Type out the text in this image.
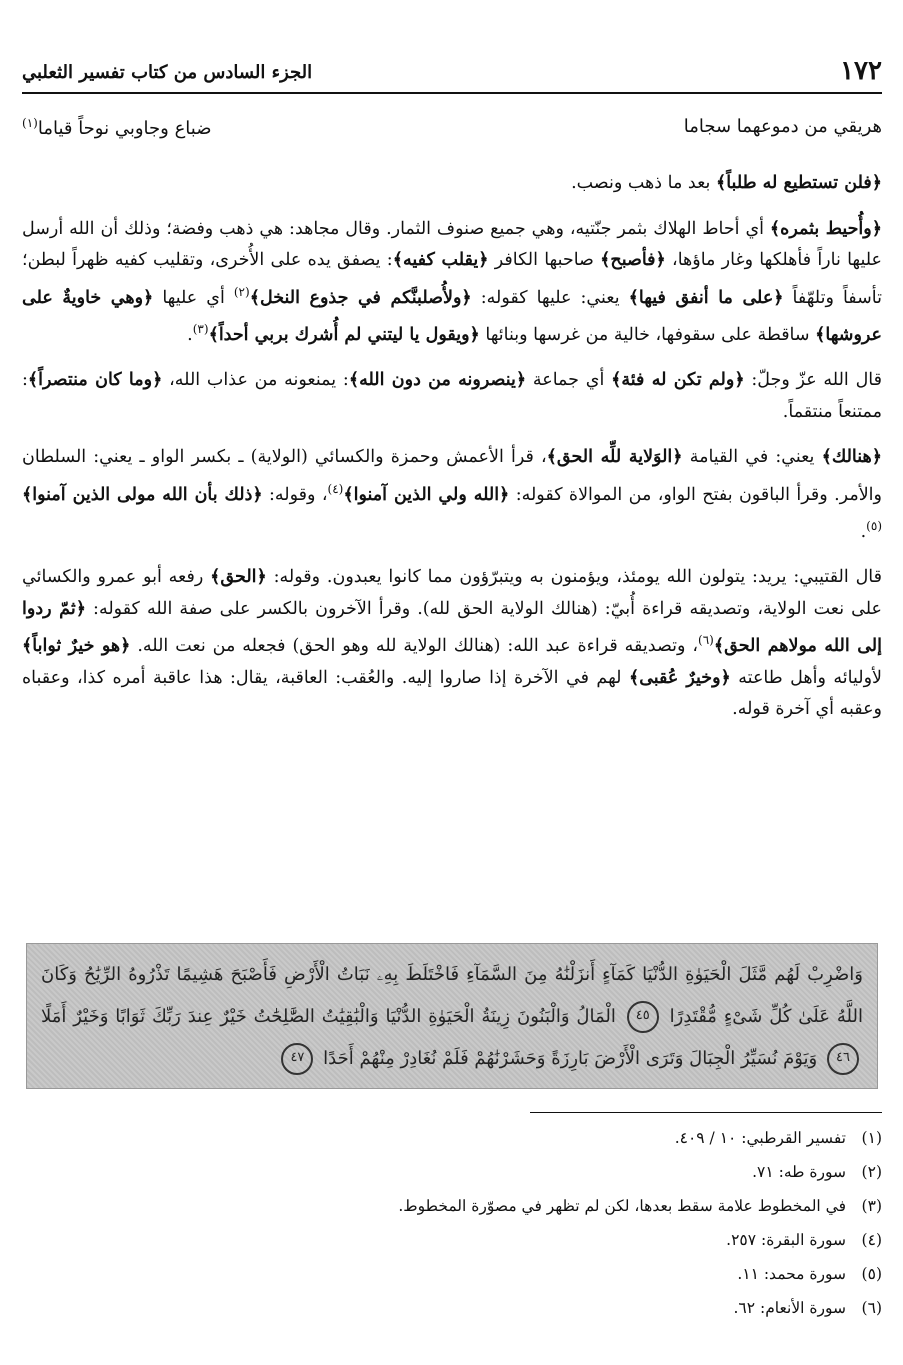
١٧٢
الجزء السادس من كتاب تفسير الثعلبي
هريقي من دموعهما سجاما
ضباع وجاوبي نوحاً قياما$^{(١)}$

﴿فلن تستطيع له طلباً﴾ بعد ما ذهب ونصب.

﴿وأُحيط بثمره﴾ أي أحاط الهلاك بثمر جنّتيه، وهي جميع صنوف الثمار. وقال مجاهد: هي ذهب وفضة؛ وذلك أن الله أرسل عليها ناراً فأهلكها وغار ماؤها، ﴿فأصبح﴾ صاحبها الكافر ﴿يقلب كفيه﴾: يصفق يده على الأُخرى، وتقليب كفيه ظهراً لبطن؛ تأسفاً وتلهّفاً ﴿على ما أنفق فيها﴾ يعني: عليها كقوله: ﴿ولأُصلبنَّكم في جذوع النخل﴾$^{(٢)}$ أي عليها ﴿وهي خاويةٌ على عروشها﴾ ساقطة على سقوفها، خالية من غرسها وبنائها ﴿ويقول يا ليتني لم أُشرك بربي أحداً﴾$^{(٣)}$.

قال الله عزّ وجلّ: ﴿ولم تكن له فئة﴾ أي جماعة ﴿ينصرونه من دون الله﴾: يمنعونه من عذاب الله، ﴿وما كان منتصراً﴾: ممتنعاً منتقماً.

﴿هنالك﴾ يعني: في القيامة ﴿الوَلاية للِّه الحق﴾، قرأ الأعمش وحمزة والكسائي (الولاية) ـ بكسر الواو ـ يعني: السلطان والأمر. وقرأ الباقون بفتح الواو، من الموالاة كقوله: ﴿الله ولي الذين آمنوا﴾$^{(٤)}$، وقوله: ﴿ذلك بأن الله مولى الذين آمنوا﴾$^{(٥)}$.

قال القتيبي: يريد: يتولون الله يومئذ، ويؤمنون به ويتبرّؤون مما كانوا يعبدون. وقوله: ﴿الحق﴾ رفعه أبو عمرو والكسائي على نعت الولاية، وتصديقه قراءة أُبيّ: (هنالك الولاية الحق لله). وقرأ الآخرون بالكسر على صفة الله كقوله: ﴿ثمّ ردوا إلى الله مولاهم الحق﴾$^{(٦)}$، وتصديقه قراءة عبد الله: (هنالك الولاية لله وهو الحق) فجعله من نعت الله. ﴿هو خيرٌ ثواباً﴾ لأوليائه وأهل طاعته ﴿وخيرٌ عُقبى﴾ لهم في الآخرة إذا صاروا إليه. والعُقب: العاقبة، يقال: هذا عاقبة أمره كذا، وعقباه وعقبه أي آخرة قوله.

وَاضْرِبْ لَهُم مَّثَلَ الْحَيَوٰةِ الدُّنْيَا كَمَآءٍ أَنزَلْنَٰهُ مِنَ السَّمَآءِ فَاخْتَلَطَ بِهِۦ نَبَاتُ الْأَرْضِ فَأَصْبَحَ هَشِيمًا تَذْرُوهُ الرِّيَٰحُ وَكَانَ اللَّهُ عَلَىٰ كُلِّ شَىْءٍ مُّقْتَدِرًا ٤٥ الْمَالُ وَالْبَنُونَ زِينَةُ الْحَيَوٰةِ الدُّنْيَا وَالْبَٰقِيَٰتُ الصَّٰلِحَٰتُ خَيْرٌ عِندَ رَبِّكَ ثَوَابًا وَخَيْرٌ أَمَلًا ٤٦ وَيَوْمَ نُسَيِّرُ الْجِبَالَ وَتَرَى الْأَرْضَ بَارِزَةً وَحَشَرْنَٰهُمْ فَلَمْ نُغَادِرْ مِنْهُمْ أَحَدًا ٤٧
(١)تفسير القرطبي: ١٠ / ٤٠٩.
(٢)سورة طه: ٧١.
(٣)في المخطوط علامة سقط بعدها، لكن لم تظهر في مصوّرة المخطوط.
(٤)سورة البقرة: ٢٥٧.
(٥)سورة محمد: ١١.
(٦)سورة الأنعام: ٦٢.
